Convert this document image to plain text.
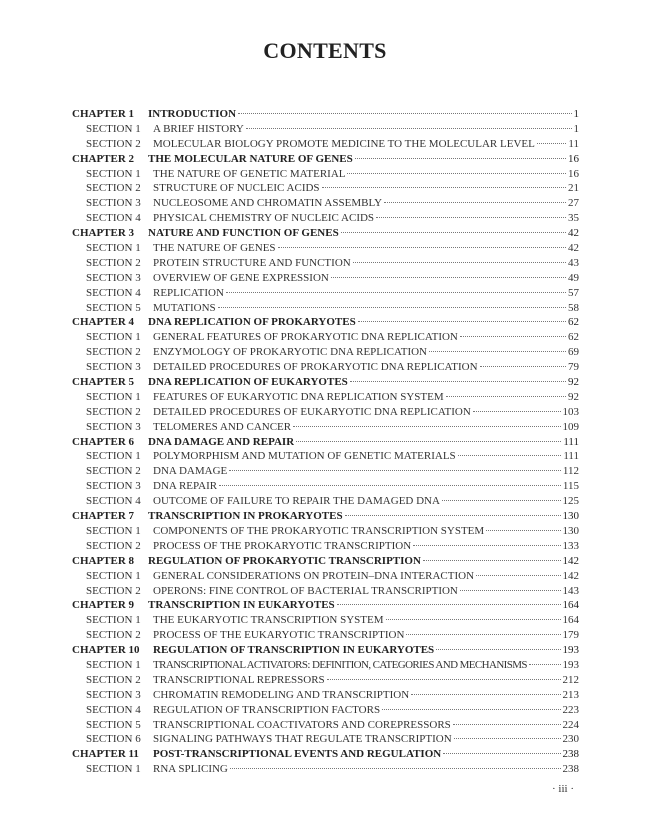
CONTENTS
CHAPTER 1	INTRODUCTION	1
SECTION 1	A BRIEF HISTORY	1
SECTION 2	MOLECULAR BIOLOGY PROMOTE MEDICINE TO THE MOLECULAR LEVEL	11
CHAPTER 2	THE MOLECULAR NATURE OF GENES	16
SECTION 1	THE NATURE OF GENETIC MATERIAL	16
SECTION 2	STRUCTURE OF NUCLEIC ACIDS	21
SECTION 3	NUCLEOSOME AND CHROMATIN ASSEMBLY	27
SECTION 4	PHYSICAL CHEMISTRY OF NUCLEIC ACIDS	35
CHAPTER 3	NATURE AND FUNCTION OF GENES	42
SECTION 1	THE NATURE OF GENES	42
SECTION 2	PROTEIN STRUCTURE AND FUNCTION	43
SECTION 3	OVERVIEW OF GENE EXPRESSION	49
SECTION 4	REPLICATION	57
SECTION 5	MUTATIONS	58
CHAPTER 4	DNA REPLICATION OF PROKARYOTES	62
SECTION 1	GENERAL FEATURES OF PROKARYOTIC DNA REPLICATION	62
SECTION 2	ENZYMOLOGY OF PROKARYOTIC DNA REPLICATION	69
SECTION 3	DETAILED PROCEDURES OF PROKARYOTIC DNA REPLICATION	79
CHAPTER 5	DNA REPLICATION OF EUKARYOTES	92
SECTION 1	FEATURES OF EUKARYOTIC DNA REPLICATION SYSTEM	92
SECTION 2	DETAILED PROCEDURES OF EUKARYOTIC DNA REPLICATION	103
SECTION 3	TELOMERES AND CANCER	109
CHAPTER 6	DNA DAMAGE AND REPAIR	111
SECTION 1	POLYMORPHISM AND MUTATION OF GENETIC MATERIALS	111
SECTION 2	DNA DAMAGE	112
SECTION 3	DNA REPAIR	115
SECTION 4	OUTCOME OF FAILURE TO REPAIR THE DAMAGED DNA	125
CHAPTER 7	TRANSCRIPTION IN PROKARYOTES	130
SECTION 1	COMPONENTS OF THE PROKARYOTIC TRANSCRIPTION SYSTEM	130
SECTION 2	PROCESS OF THE PROKARYOTIC TRANSCRIPTION	133
CHAPTER 8	REGULATION OF PROKARYOTIC TRANSCRIPTION	142
SECTION 1	GENERAL CONSIDERATIONS ON PROTEIN–DNA INTERACTION	142
SECTION 2	OPERONS: FINE CONTROL OF BACTERIAL TRANSCRIPTION	143
CHAPTER 9	TRANSCRIPTION IN EUKARYOTES	164
SECTION 1	THE EUKARYOTIC TRANSCRIPTION SYSTEM	164
SECTION 2	PROCESS OF THE EUKARYOTIC TRANSCRIPTION	179
CHAPTER 10	REGULATION OF TRANSCRIPTION IN EUKARYOTES	193
SECTION 1	TRANSCRIPTIONAL ACTIVATORS: DEFINITION, CATEGORIES AND MECHANISMS	193
SECTION 2	TRANSCRIPTIONAL REPRESSORS	212
SECTION 3	CHROMATIN REMODELING AND TRANSCRIPTION	213
SECTION 4	REGULATION OF TRANSCRIPTION FACTORS	223
SECTION 5	TRANSCRIPTIONAL COACTIVATORS AND COREPRESSORS	224
SECTION 6	SIGNALING PATHWAYS THAT REGULATE TRANSCRIPTION	230
CHAPTER 11	POST-TRANSCRIPTIONAL EVENTS AND REGULATION	238
SECTION 1	RNA SPLICING	238
· iii ·
